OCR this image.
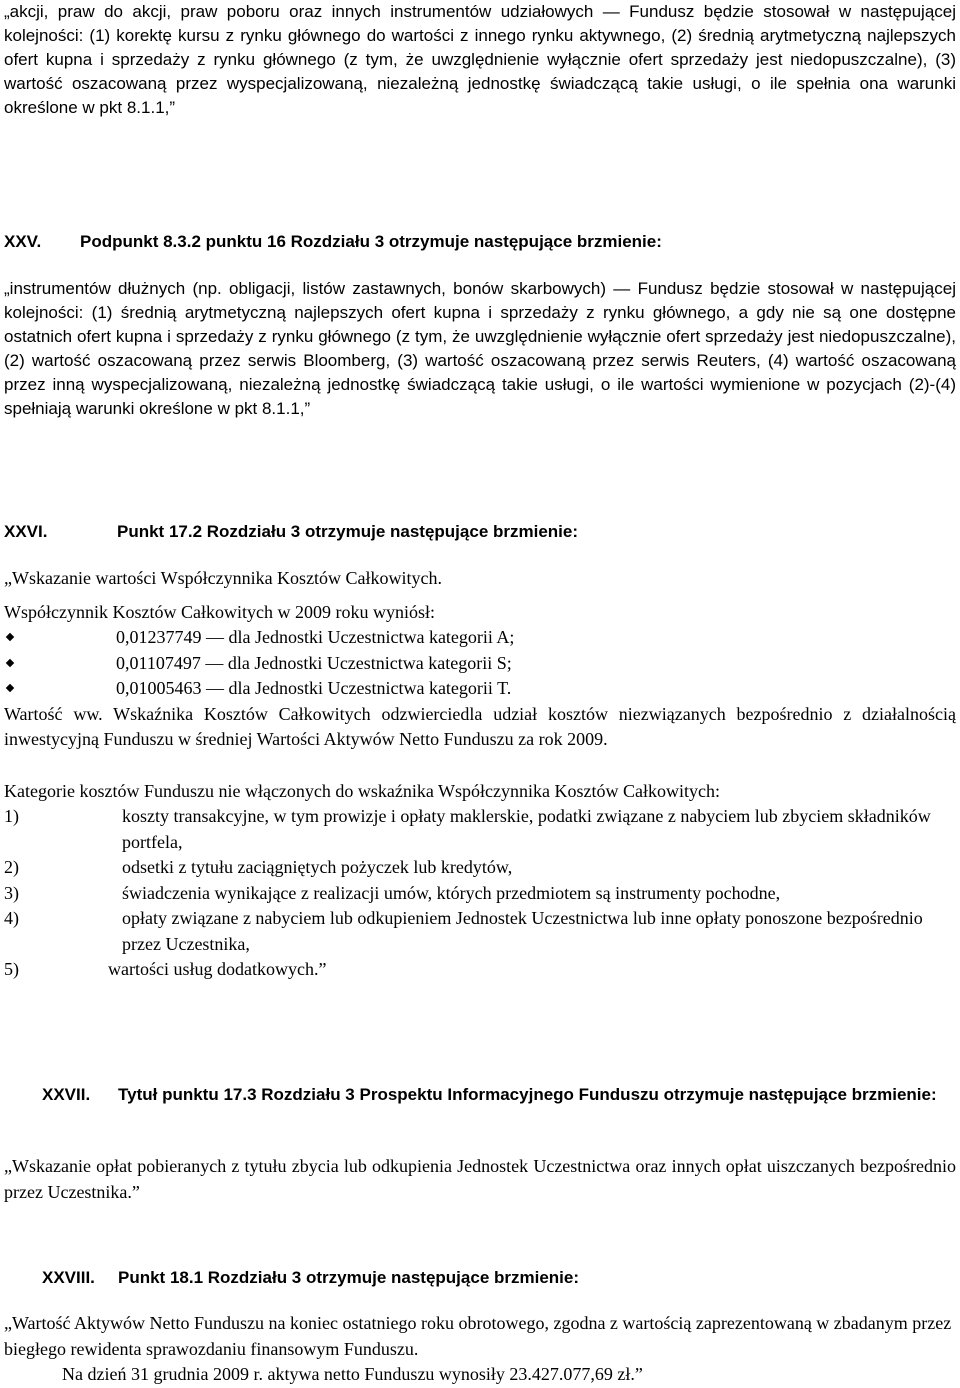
„akcji, praw do akcji, praw poboru oraz innych instrumentów udziałowych — Fundusz będzie stosował w następującej kolejności: (1) korektę kursu z rynku głównego do wartości z innego rynku aktywnego, (2) średnią arytmetyczną najlepszych ofert kupna i sprzedaży z rynku głównego (z tym, że uwzględnienie wyłącznie ofert sprzedaży jest niedopuszczalne), (3) wartość oszacowaną przez wyspecjalizowaną, niezależną jednostkę świadczącą takie usługi, o ile spełnia ona warunki określone w pkt 8.1.1,”
XXV.	Podpunkt 8.3.2 punktu 16 Rozdziału 3 otrzymuje następujące brzmienie:
„instrumentów dłużnych (np. obligacji, listów zastawnych, bonów skarbowych) — Fundusz będzie stosował w następującej kolejności: (1) średnią arytmetyczną najlepszych ofert kupna i sprzedaży z rynku głównego, a gdy nie są one dostępne ostatnich ofert kupna i sprzedaży z rynku głównego (z tym, że uwzględnienie wyłącznie ofert sprzedaży jest niedopuszczalne),(2) wartość oszacowaną przez serwis Bloomberg, (3) wartość oszacowaną przez serwis Reuters, (4) wartość oszacowaną przez inną wyspecjalizowaną, niezależną jednostkę świadczącą takie usługi, o ile wartości wymienione w pozycjach (2)-(4) spełniają warunki określone w pkt 8.1.1,”
XXVI.	Punkt 17.2 Rozdziału 3 otrzymuje następujące brzmienie:
„Wskazanie wartości Współczynnika Kosztów Całkowitych.
Współczynnik Kosztów Całkowitych w 2009 roku wyniósł:
0,01237749 — dla Jednostki Uczestnictwa kategorii A;
0,01107497 — dla Jednostki Uczestnictwa kategorii S;
0,01005463 — dla Jednostki Uczestnictwa kategorii T.
Wartość ww. Wskaźnika Kosztów Całkowitych odzwierciedla udział kosztów niezwiązanych bezpośrednio z działalnością inwestycyjną Funduszu w średniej Wartości Aktywów Netto Funduszu za rok 2009.
Kategorie kosztów Funduszu nie włączonych do wskaźnika Współczynnika Kosztów Całkowitych:
1)	koszty transakcyjne, w tym prowizje i opłaty maklerskie, podatki związane z nabyciem lub zbyciem składników portfela,
2)	odsetki z tytułu zaciągniętych pożyczek lub kredytów,
3)	świadczenia wynikające z realizacji umów, których przedmiotem są instrumenty pochodne,
4)	opłaty związane z nabyciem lub odkupieniem Jednostek Uczestnictwa lub inne opłaty ponoszone bezpośrednio przez Uczestnika,
5)	wartości usług dodatkowych.”
XXVII.	Tytuł punktu 17.3 Rozdziału 3 Prospektu Informacyjnego Funduszu otrzymuje następujące brzmienie:
„Wskazanie opłat pobieranych z tytułu zbycia lub odkupienia Jednostek Uczestnictwa oraz innych opłat uiszczanych bezpośrednio przez Uczestnika.”
XXVIII.	Punkt 18.1 Rozdziału 3 otrzymuje następujące brzmienie:
„Wartość Aktywów Netto Funduszu na koniec ostatniego roku obrotowego, zgodna z wartością zaprezentowaną w zbadanym przez biegłego rewidenta sprawozdaniu finansowym Funduszu.
Na dzień 31 grudnia 2009 r. aktywa netto Funduszu wynosiły 23.427.077,69 zł.”
